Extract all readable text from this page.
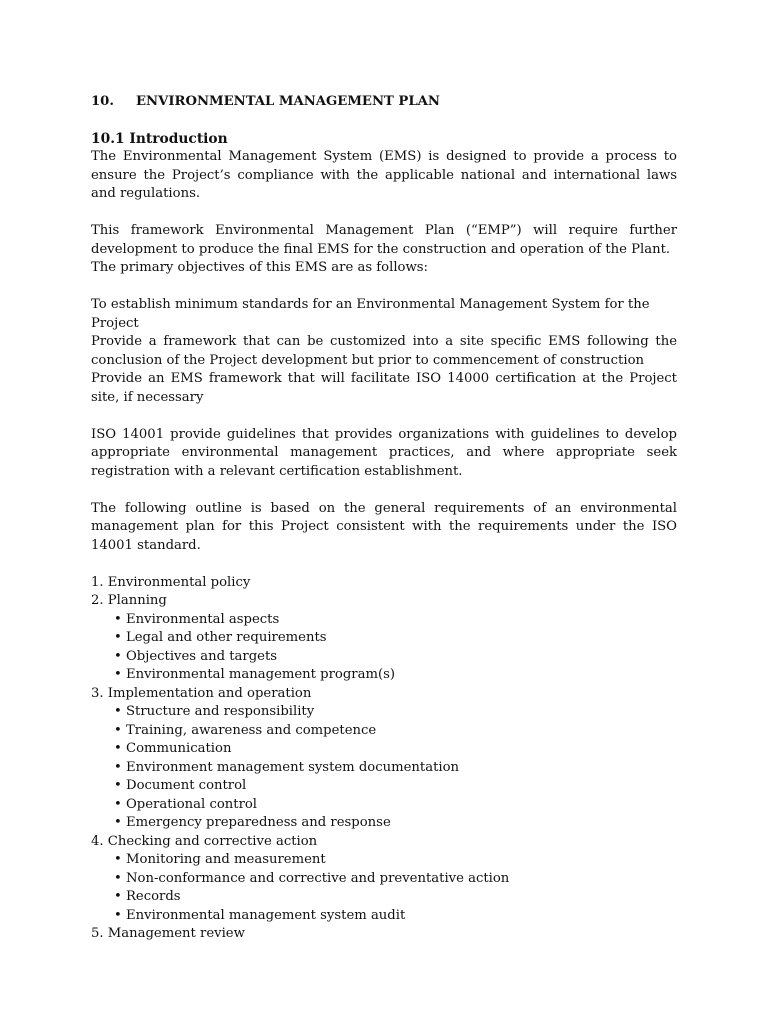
10.	ENVIRONMENTAL MANAGEMENT PLAN
10.1 Introduction

The Environmental Management System (EMS) is designed to provide a process to ensure the Project’s compliance with the applicable national and international laws and regulations.

This framework Environmental Management Plan (“EMP”) will require further development to produce the final EMS for the construction and operation of the Plant.

The primary objectives of this EMS are as follows:

To establish minimum standards for an Environmental Management System for the Project

Provide a framework that can be customized into a site specific EMS following the conclusion of the Project development but prior to commencement of construction

Provide an EMS framework that will facilitate ISO 14000 certification at the Project site, if necessary

ISO 14001 provide guidelines that provides organizations with guidelines to develop appropriate environmental management practices, and where appropriate seek registration with a relevant certification establishment.

The following outline is based on the general requirements of an environmental management plan for this Project consistent with the requirements under the ISO 14001 standard.

1. Environmental policy
2. Planning
• Environmental aspects
• Legal and other requirements
• Objectives and targets
• Environmental management program(s)
3. Implementation and operation
• Structure and responsibility
• Training, awareness and competence
• Communication
• Environment management system documentation
• Document control
• Operational control
• Emergency preparedness and response
4. Checking and corrective action
• Monitoring and measurement
• Non-conformance and corrective and preventative action
• Records
• Environmental management system audit
5. Management review
